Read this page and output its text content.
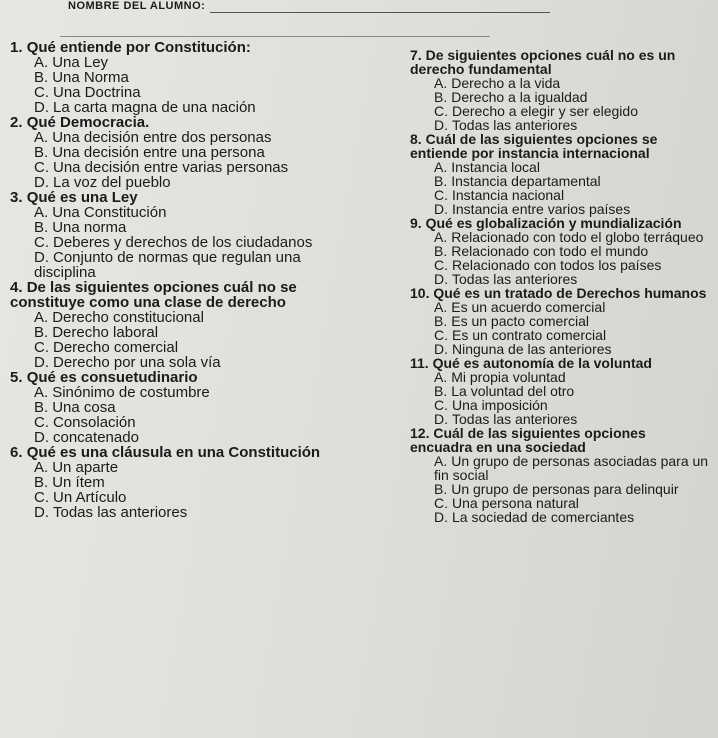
NOMBRE DEL ALUMNO:

1. Qué entiende por Constitución:

A. Una Ley

B. Una Norma

C. Una Doctrina

D. La carta magna de una nación

2. Qué Democracia.

A. Una decisión entre dos personas

B. Una decisión entre una persona

C. Una decisión entre varias personas

D. La voz del pueblo

3. Qué es una Ley

A. Una Constitución

B. Una norma

C. Deberes y derechos de los ciudadanos

D. Conjunto de normas que regulan una disciplina

4. De las siguientes opciones cuál no se constituye como una clase de derecho

A. Derecho constitucional

B. Derecho laboral

C. Derecho comercial

D. Derecho por una sola vía

5. Qué es consuetudinario

A. Sinónimo de costumbre

B. Una cosa

C. Consolación

D. concatenado

6. Qué es una cláusula en una Constitución

A. Un aparte

B. Un ítem

C. Un Artículo

D. Todas las anteriores

7. De siguientes opciones cuál no es un derecho fundamental

A. Derecho a la vida

B. Derecho a la igualdad

C. Derecho a elegir y ser elegido

D. Todas las anteriores

8. Cuál de las siguientes opciones se entiende por instancia internacional

A. Instancia local

B. Instancia departamental

C. Instancia nacional

D. Instancia entre varios países

9. Qué es globalización y mundialización

A. Relacionado con todo el globo terráqueo

B. Relacionado con todo el mundo

C. Relacionado con todos los países

D. Todas las anteriores

10. Qué es un tratado de Derechos humanos

A. Es un acuerdo comercial

B. Es un pacto comercial

C. Es un contrato comercial

D. Ninguna de las anteriores

11. Qué es autonomía de la voluntad

A. Mi propia voluntad

B. La voluntad del otro

C. Una imposición

D. Todas las anteriores

12. Cuál de las siguientes opciones encuadra en una sociedad

A. Un grupo de personas asociadas para un fin social

B. Un grupo de personas para delinquir

C. Una persona natural

D. La sociedad de comerciantes
